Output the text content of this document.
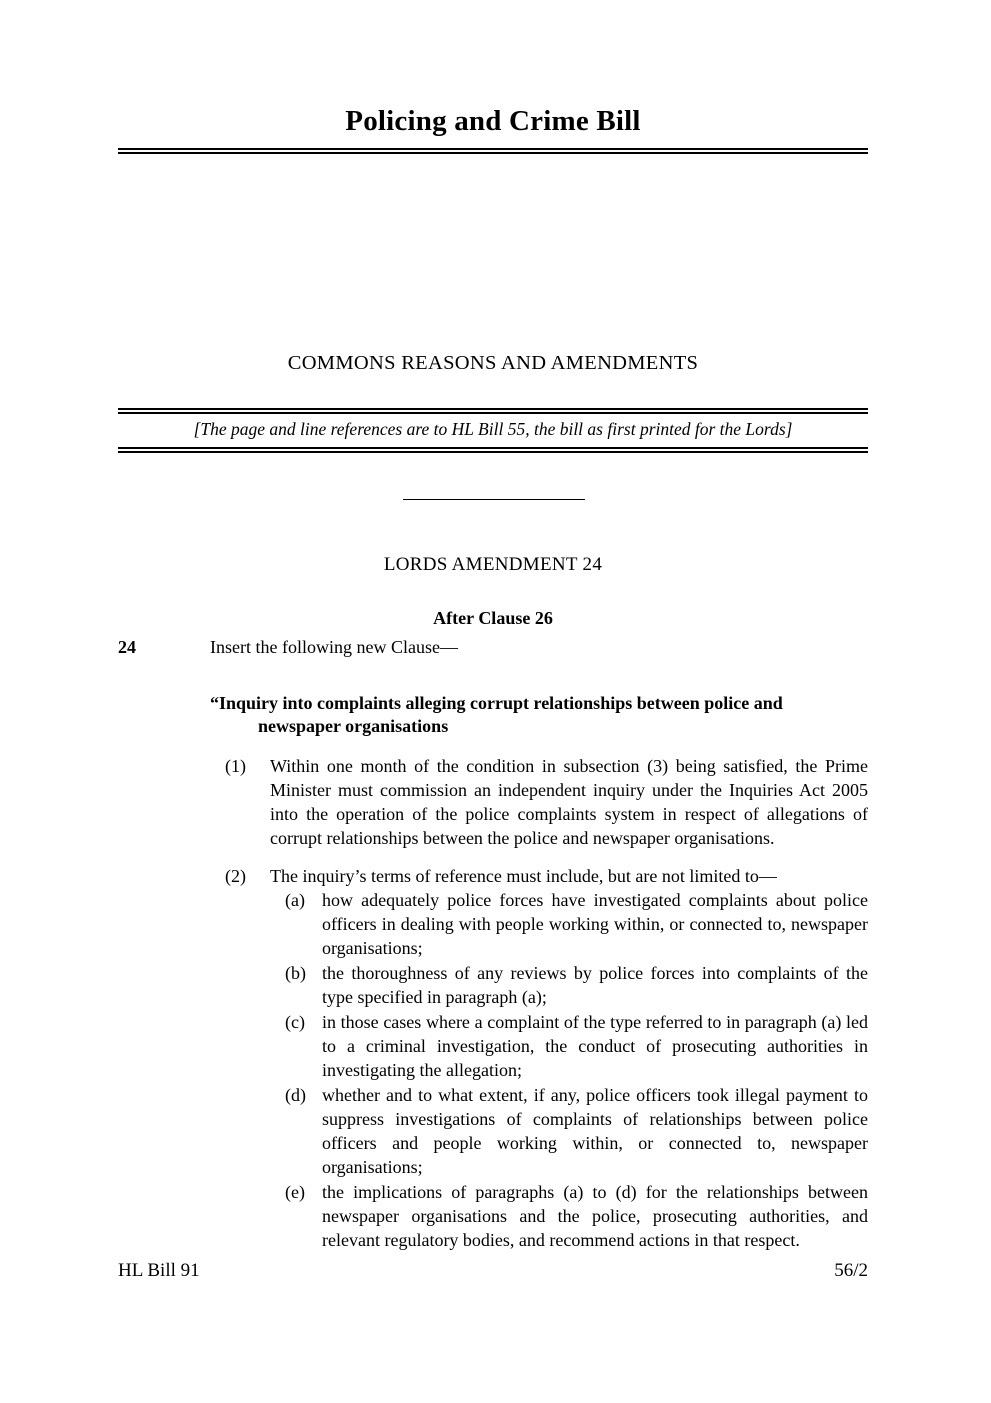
Policing and Crime Bill
COMMONS REASONS AND AMENDMENTS
[The page and line references are to HL Bill 55, the bill as first printed for the Lords]
LORDS AMENDMENT 24
After Clause 26
24	Insert the following new Clause—
“Inquiry into complaints alleging corrupt relationships between police and newspaper organisations
(1)	Within one month of the condition in subsection (3) being satisfied, the Prime Minister must commission an independent inquiry under the Inquiries Act 2005 into the operation of the police complaints system in respect of allegations of corrupt relationships between the police and newspaper organisations.
(2)	The inquiry’s terms of reference must include, but are not limited to—
(a) how adequately police forces have investigated complaints about police officers in dealing with people working within, or connected to, newspaper organisations;
(b) the thoroughness of any reviews by police forces into complaints of the type specified in paragraph (a);
(c) in those cases where a complaint of the type referred to in paragraph (a) led to a criminal investigation, the conduct of prosecuting authorities in investigating the allegation;
(d) whether and to what extent, if any, police officers took illegal payment to suppress investigations of complaints of relationships between police officers and people working within, or connected to, newspaper organisations;
(e) the implications of paragraphs (a) to (d) for the relationships between newspaper organisations and the police, prosecuting authorities, and relevant regulatory bodies, and recommend actions in that respect.
HL Bill 91	56/2
